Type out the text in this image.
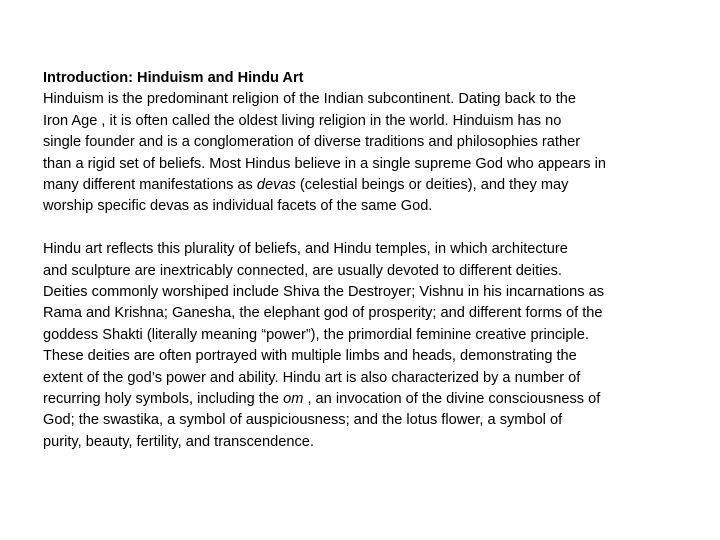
Introduction: Hinduism and Hindu Art

Hinduism is the predominant religion of the Indian subcontinent. Dating back to the
Iron Age , it is often called the oldest living religion in the world. Hinduism has no
single founder and is a conglomeration of diverse traditions and philosophies rather
than a rigid set of beliefs. Most Hindus believe in a single supreme God who appears in
many different manifestations as devas (celestial beings or deities), and they may
worship specific devas as individual facets of the same God.

Hindu art reflects this plurality of beliefs, and Hindu temples, in which architecture
and sculpture are inextricably connected, are usually devoted to different deities.
Deities commonly worshiped include Shiva the Destroyer; Vishnu in his incarnations as
Rama and Krishna; Ganesha, the elephant god of prosperity; and different forms of the
goddess Shakti (literally meaning “power”), the primordial feminine creative principle.
These deities are often portrayed with multiple limbs and heads, demonstrating the
extent of the god’s power and ability. Hindu art is also characterized by a number of
recurring holy symbols, including the om , an invocation of the divine consciousness of
God; the swastika, a symbol of auspiciousness; and the lotus flower, a symbol of
purity, beauty, fertility, and transcendence.
